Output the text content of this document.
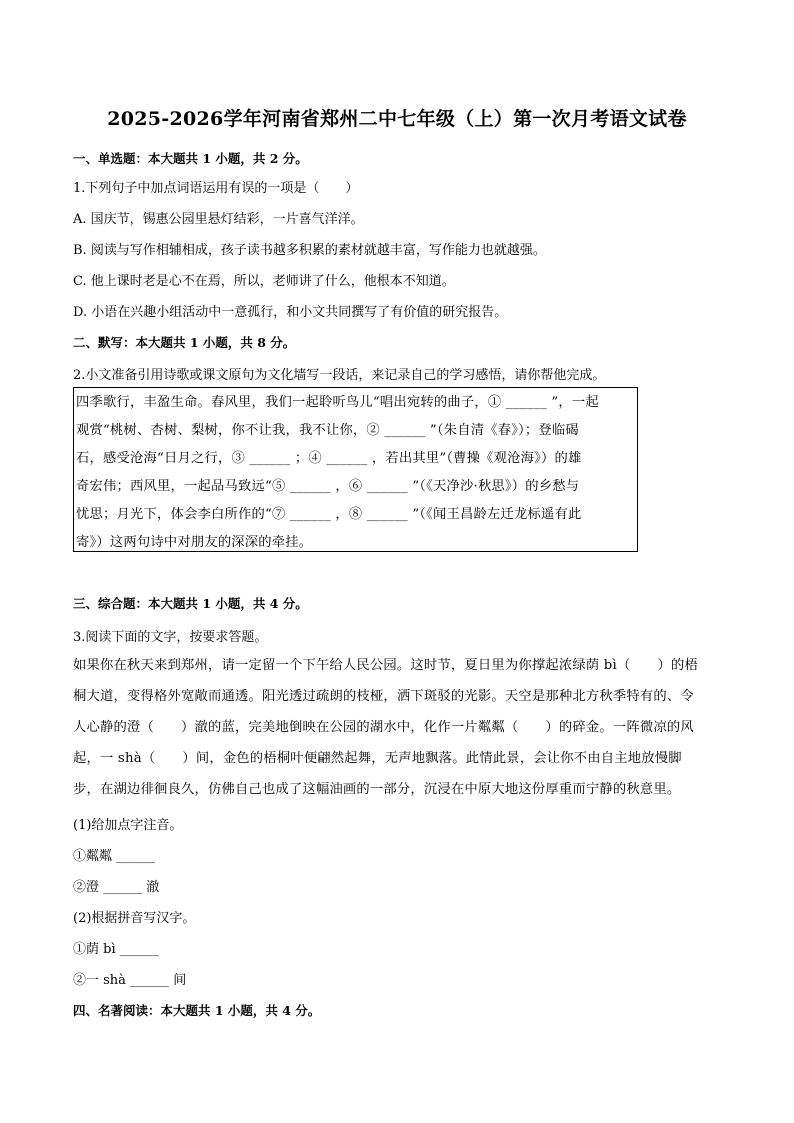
2025-2026学年河南省郑州二中七年级（上）第一次月考语文试卷
一、单选题：本大题共 1 小题，共 2 分。
1.下列句子中加点词语运用有误的一项是（　　）
A. 国庆节，锡惠公园里悬灯结彩，一片喜气洋洋。
B. 阅读与写作相辅相成，孩子读书越多积累的素材就越丰富，写作能力也就越强。
C. 他上课时老是心不在焉，所以，老师讲了什么，他根本不知道。
D. 小语在兴趣小组活动中一意孤行，和小文共同撰写了有价值的研究报告。
二、默写：本大题共 1 小题，共 8 分。
2.小文准备引用诗歌或课文原句为文化墙写一段话，来记录自己的学习感悟，请你帮他完成。
四季歌行，丰盈生命。春风里，我们一起聆听鸟儿“唱出宛转的曲子，① ______ ”，一起
观赏“桃树、杏树、梨树，你不让我，我不让你，② ______ ”（朱自清《春》）；登临碣
石，感受沧海“日月之行，③ ______ ；④ ______ ，若出其里”（曹操《观沧海》）的雄
奇宏伟；西风里，一起品马致远“⑤ ______ ，⑥ ______ ”（《天净沙·秋思》）的乡愁与
忧思；月光下，体会李白所作的“⑦ ______ ，⑧ ______ ”（《闻王昌龄左迁龙标遥有此
寄》）这两句诗中对朋友的深深的牵挂。
三、综合题：本大题共 1 小题，共 4 分。
3.阅读下面的文字，按要求答题。
如果你在秋天来到郑州，请一定留一个下午给人民公园。这时节，夏日里为你撑起浓绿荫 bì（　　）的梧
桐大道，变得格外宽敞而通透。阳光透过疏朗的枝桠，洒下斑驳的光影。天空是那种北方秋季特有的、令
人心静的澄（　　）澈的蓝，完美地倒映在公园的湖水中，化作一片粼粼（　　）的碎金。一阵微凉的风
起，一 shà（　　）间，金色的梧桐叶便翩然起舞，无声地飘落。此情此景，会让你不由自主地放慢脚
步，在湖边徘徊良久，仿佛自己也成了这幅油画的一部分，沉浸在中原大地这份厚重而宁静的秋意里。
(1)给加点字注音。
①粼粼 ______
②澄 ______ 澈
(2)根据拼音写汉字。
①荫 bì ______
②一 shà ______ 间
四、名著阅读：本大题共 1 小题，共 4 分。
